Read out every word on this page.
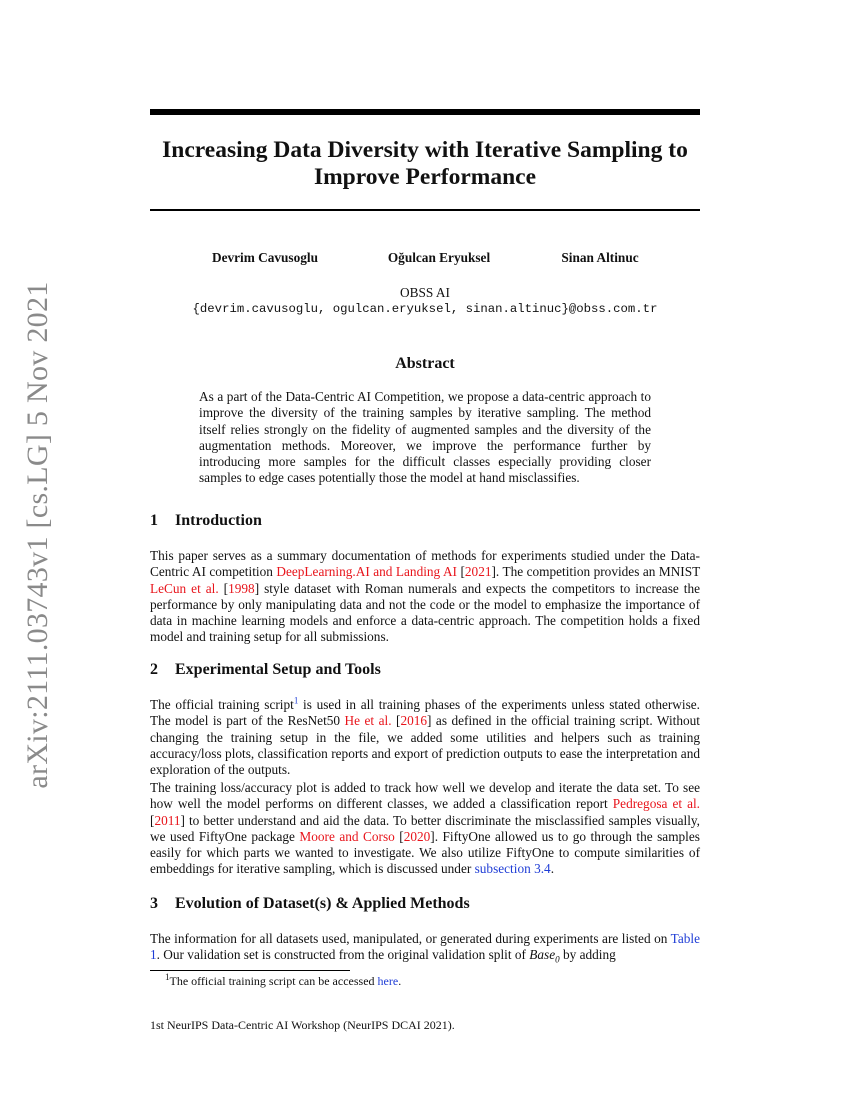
arXiv:2111.03743v1 [cs.LG] 5 Nov 2021
Increasing Data Diversity with Iterative Sampling to Improve Performance
Devrim Cavusoglu	Oğulcan Eryuksel	Sinan Altinuc
OBSS AI
{devrim.cavusoglu, ogulcan.eryuksel, sinan.altinuc}@obss.com.tr
Abstract
As a part of the Data-Centric AI Competition, we propose a data-centric approach to improve the diversity of the training samples by iterative sampling. The method itself relies strongly on the fidelity of augmented samples and the diversity of the augmentation methods. Moreover, we improve the performance further by introducing more samples for the difficult classes especially providing closer samples to edge cases potentially those the model at hand misclassifies.
1 Introduction
This paper serves as a summary documentation of methods for experiments studied under the Data-Centric AI competition DeepLearning.AI and Landing AI [2021]. The competition provides an MNIST LeCun et al. [1998] style dataset with Roman numerals and expects the competitors to increase the performance by only manipulating data and not the code or the model to emphasize the importance of data in machine learning models and enforce a data-centric approach. The competition holds a fixed model and training setup for all submissions.
2 Experimental Setup and Tools
The official training script$^1$ is used in all training phases of the experiments unless stated otherwise. The model is part of the ResNet50 He et al. [2016] as defined in the official training script. Without changing the training setup in the file, we added some utilities and helpers such as training accuracy/loss plots, classification reports and export of prediction outputs to ease the interpretation and exploration of the outputs.
The training loss/accuracy plot is added to track how well we develop and iterate the data set. To see how well the model performs on different classes, we added a classification report Pedregosa et al. [2011] to better understand and aid the data. To better discriminate the misclassified samples visually, we used FiftyOne package Moore and Corso [2020]. FiftyOne allowed us to go through the samples easily for which parts we wanted to investigate. We also utilize FiftyOne to compute similarities of embeddings for iterative sampling, which is discussed under subsection 3.4.
3 Evolution of Dataset(s) & Applied Methods
The information for all datasets used, manipulated, or generated during experiments are listed on Table 1. Our validation set is constructed from the original validation split of Base$_0$ by adding
$^1$The official training script can be accessed here.
1st NeurIPS Data-Centric AI Workshop (NeurIPS DCAI 2021).
